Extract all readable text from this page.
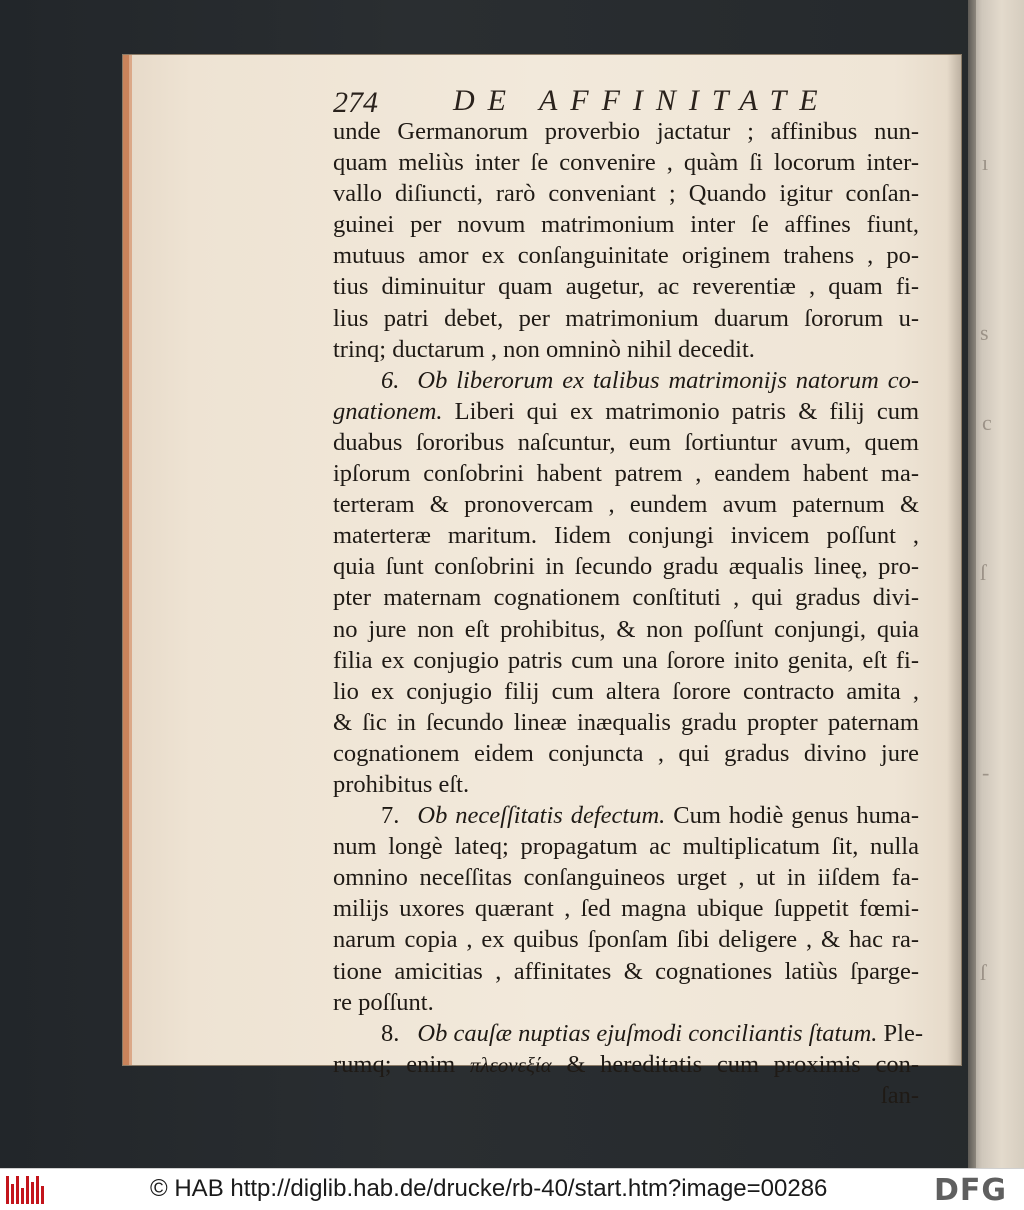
ı
s
c
ſ
-
ſ
274	DE AFFINITATE
unde Germanorum proverbio jactatur ; affinibus nun-
quam meliùs inter ſe convenire , quàm ſi locorum inter-
vallo diſiuncti, rarò conveniant ; Quando igitur conſan-
guinei per novum matrimonium inter ſe affines fiunt,
mutuus amor ex conſanguinitate originem trahens , po-
tius diminuitur quam augetur, ac reverentiæ , quam fi-
lius patri debet, per matrimonium duarum ſororum u-
trinq; ductarum , non omninò nihil decedit.
6. Ob liberorum ex talibus matrimonijs natorum co-
gnationem. Liberi qui ex matrimonio patris & filij cum
duabus ſororibus naſcuntur, eum ſortiuntur avum, quem
ipſorum conſobrini habent patrem , eandem habent ma-
terteram & pronovercam , eundem avum paternum &
materteræ maritum. Iidem conjungi invicem poſſunt ,
quia ſunt conſobrini in ſecundo gradu æqualis lineę, pro-
pter maternam cognationem conſtituti , qui gradus divi-
no jure non eſt prohibitus, & non poſſunt conjungi, quia
filia ex conjugio patris cum una ſorore inito genita, eſt fi-
lio ex conjugio filij cum altera ſorore contracto amita ,
& ſic in ſecundo lineæ inæqualis gradu propter paternam
cognationem eidem conjuncta , qui gradus divino jure
prohibitus eſt.
7. Ob neceſſitatis defectum. Cum hodiè genus huma-
num longè lateq; propagatum ac multiplicatum ſit, nulla
omnino neceſſitas conſanguineos urget , ut in iiſdem fa-
milijs uxores quærant , ſed magna ubique ſuppetit fœmi-
narum copia , ex quibus ſponſam ſibi deligere , & hac ra-
tione amicitias , affinitates & cognationes latiùs ſparge-
re poſſunt.
8. Ob cauſæ nuptias ejuſmodi conciliantis ſtatum. Ple-
rumq; enim πλεονεξία & hereditatis cum proximis con-
ſan-
© HAB http://diglib.hab.de/drucke/rb-40/start.htm?image=00286	DFG
